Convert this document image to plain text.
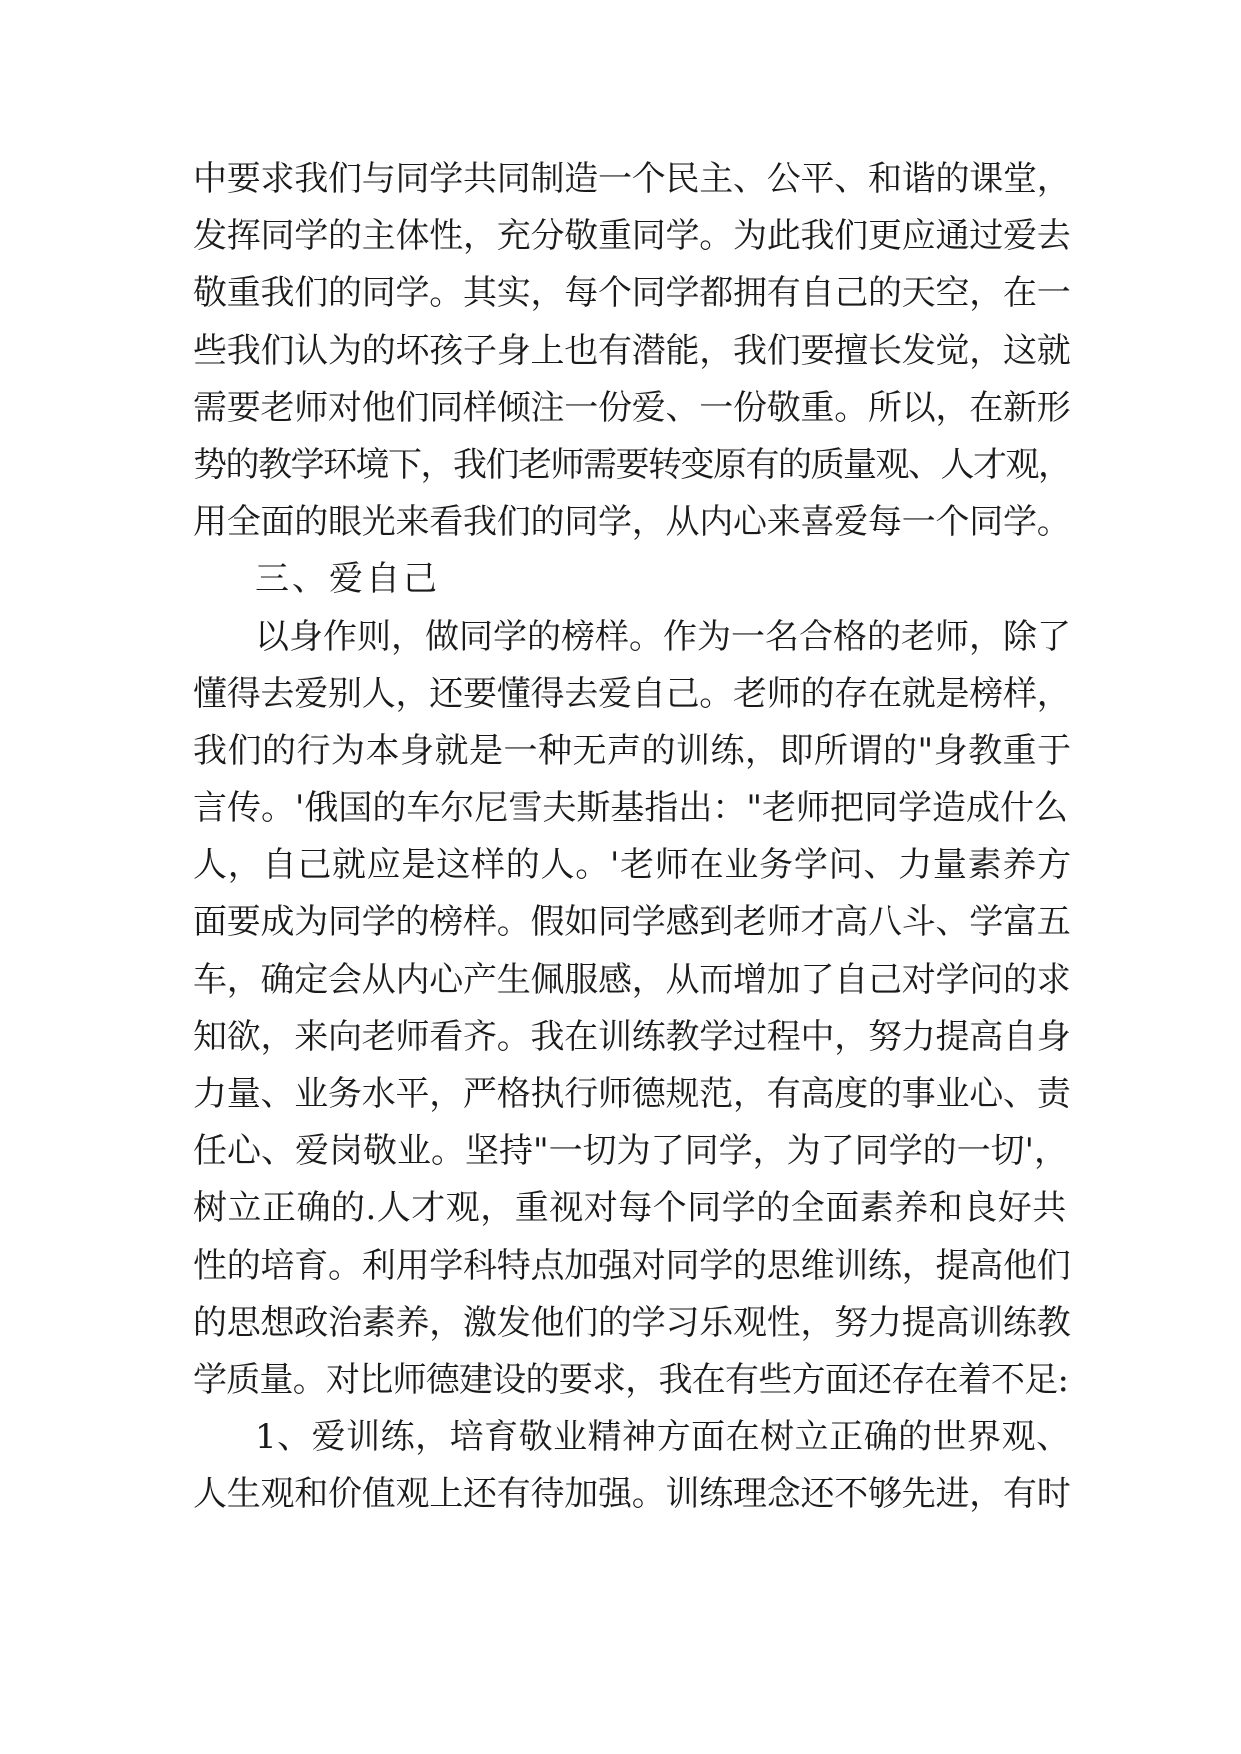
中要求我们与同学共同制造一个民主、公平、和谐的课堂，
发挥同学的主体性，充分敬重同学。为此我们更应通过爱去
敬重我们的同学。其实，每个同学都拥有自己的天空，在一
些我们认为的坏孩子身上也有潜能，我们要擅长发觉，这就
需要老师对他们同样倾注一份爱、一份敬重。所以，在新形
势的教学环境下，我们老师需要转变原有的质量观、人才观，
用全面的眼光来看我们的同学，从内心来喜爱每一个同学。
三、爱自己
以身作则，做同学的榜样。作为一名合格的老师，除了
懂得去爱别人，还要懂得去爱自己。老师的存在就是榜样，
我们的行为本身就是一种无声的训练，即所谓的"身教重于
言传。'俄国的车尔尼雪夫斯基指出："老师把同学造成什么
人，自己就应是这样的人。'老师在业务学问、力量素养方
面要成为同学的榜样。假如同学感到老师才高八斗、学富五
车，确定会从内心产生佩服感，从而增加了自己对学问的求
知欲，来向老师看齐。我在训练教学过程中，努力提高自身
力量、业务水平，严格执行师德规范，有高度的事业心、责
任心、爱岗敬业。坚持"一切为了同学，为了同学的一切'，
树立正确的.人才观，重视对每个同学的全面素养和良好共
性的培育。利用学科特点加强对同学的思维训练，提高他们
的思想政治素养，激发他们的学习乐观性，努力提高训练教
学质量。对比师德建设的要求，我在有些方面还存在着不足:
1、爱训练，培育敬业精神方面在树立正确的世界观、
人生观和价值观上还有待加强。训练理念还不够先进，有时
